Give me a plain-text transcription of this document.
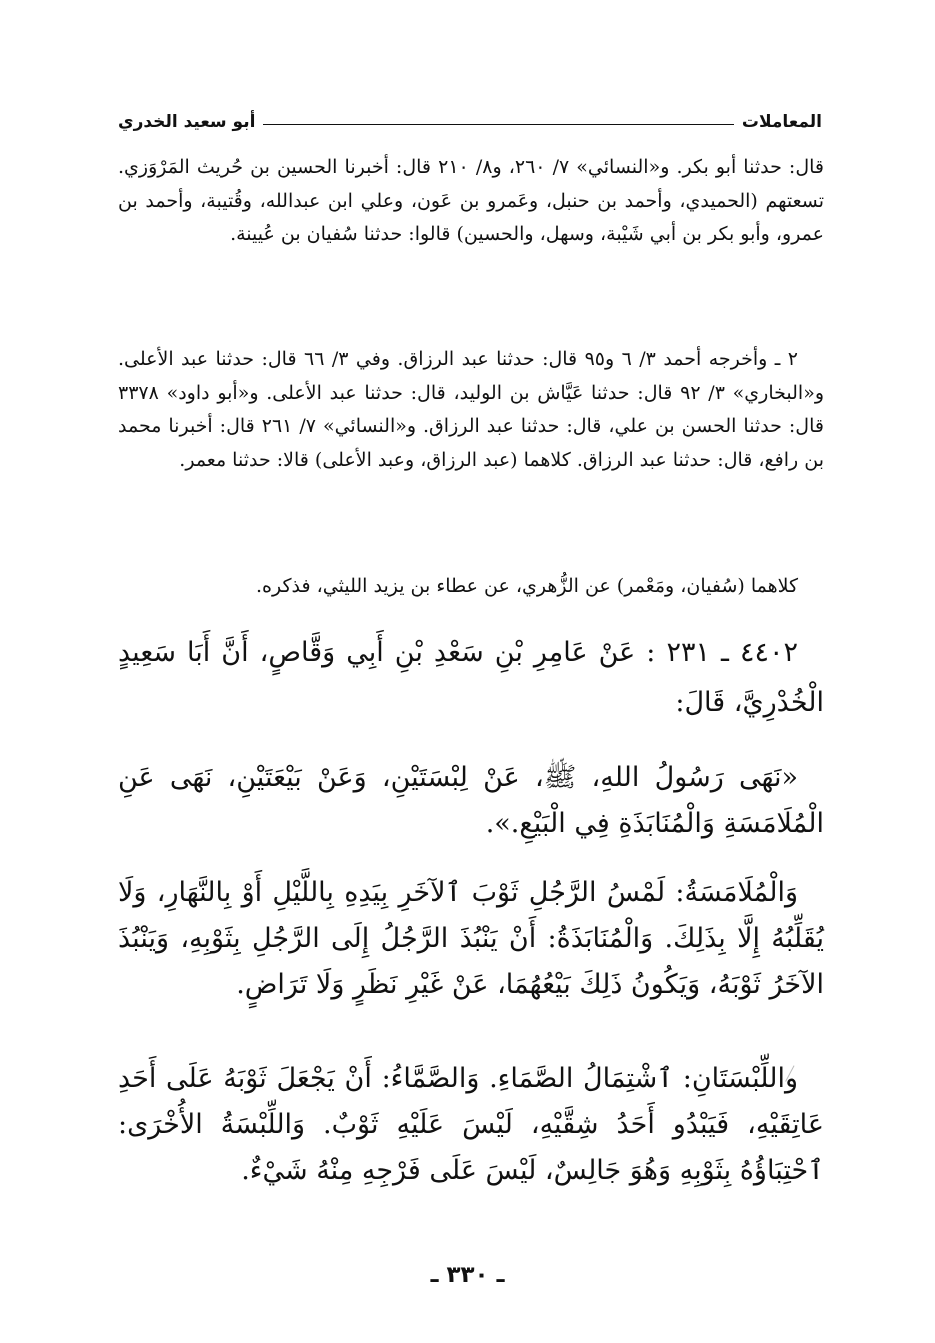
المعاملات
أبو سعيد الخدري

قال: حدثنا أبو بكر. و«النسائي» ٧/ ٢٦٠، و٨/ ٢١٠ قال: أخبرنا الحسين بن حُريث المَرْوَزي. تسعتهم (الحميدي، وأحمد بن حنبل، وعَمرو بن عَون، وعلي ابن عبدالله، وقُتيبة، وأحمد بن عمرو، وأبو بكر بن أبي شَيْبة، وسهل، والحسين) قالوا: حدثنا سُفيان بن عُيينة.

٢ ـ وأخرجه أحمد ٣/ ٦ و٩٥ قال: حدثنا عبد الرزاق. وفي ٣/ ٦٦ قال: حدثنا عبد الأعلى. و«البخاري» ٣/ ٩٢ قال: حدثنا عَيَّاش بن الوليد، قال: حدثنا عبد الأعلى. و«أبو داود» ٣٣٧٨ قال: حدثنا الحسن بن علي، قال: حدثنا عبد الرزاق. و«النسائي» ٧/ ٢٦١ قال: أخبرنا محمد بن رافع، قال: حدثنا عبد الرزاق. كلاهما (عبد الرزاق، وعبد الأعلى) قالا: حدثنا معمر.

كلاهما (سُفيان، ومَعْمر) عن الزُّهري، عن عطاء بن يزيد الليثي، فذكره.

٤٤٠٢ ـ ٢٣١ : عَنْ عَامِرِ بْنِ سَعْدِ بْنِ أَبِي وَقَّاصٍ، أَنَّ أَبَا سَعِيدٍ الْخُدْرِيَّ، قَالَ:

«نَهَى رَسُولُ اللهِ، ﷺ، عَنْ لِبْسَتَيْنِ، وَعَنْ بَيْعَتَيْنِ، نَهَى عَنِ الْمُلَامَسَةِ وَالْمُنَابَذَةِ فِي الْبَيْعِ.».

وَالْمُلَامَسَةُ: لَمْسُ الرَّجُلِ ثَوْبَ ٱلآخَرِ بِيَدِهِ بِاللَّيْلِ أَوْ بِالنَّهَارِ، وَلَا يُقَلِّبُهُ إِلَّا بِذَلِكَ. وَالْمُنَابَذَةُ: أَنْ يَنْبُذَ الرَّجُلُ إِلَى الرَّجُلِ بِثَوْبِهِ، وَيَنْبُذَ الآخَرُ ثَوْبَهُ، وَيَكُونُ ذَلِكَ بَيْعُهُمَا، عَنْ غَيْرِ نَظَرٍ وَلَا تَرَاضٍ.

واللِّبْسَتَانِ: ٱشْتِمَالُ الصَّمَاءِ. وَالصَّمَّاءُ: أَنْ يَجْعَلَ ثَوْبَهُ عَلَى أَحَدِ عَاتِقَيْهِ، فَيَبْدُو أَحَدُ شِقَّيْهِ، لَيْسَ عَلَيْهِ ثَوْبٌ. وَاللِّبْسَةُ الأُخْرَى: ٱحْتِبَاؤُهُ بِثَوْبِهِ وَهُوَ جَالِسٌ، لَيْسَ عَلَى فَرْجِهِ مِنْهُ شَيْءٌ.

ـ ٣٣٠ ـ
